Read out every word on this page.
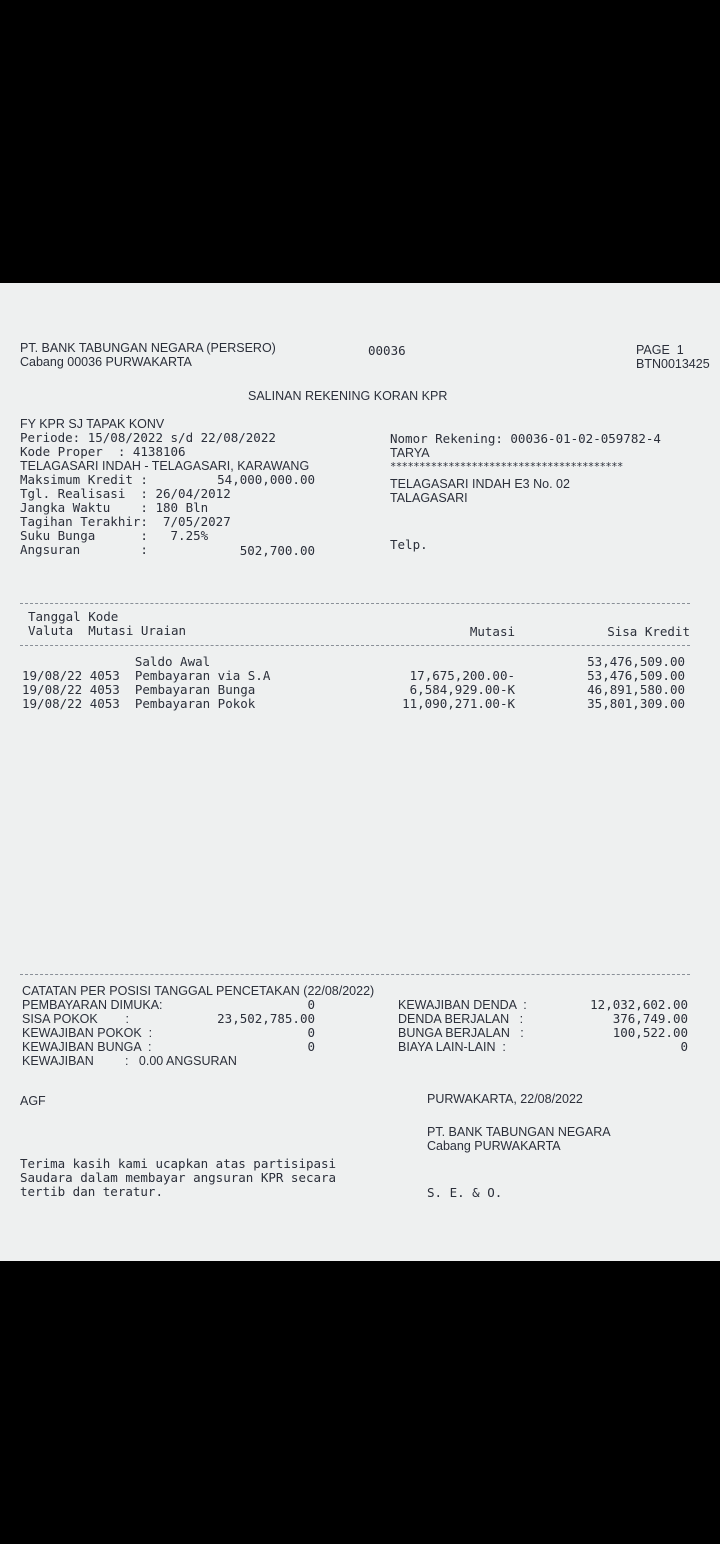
PT. BANK TABUNGAN NEGARA (PERSERO)
Cabang 00036 PURWAKARTA
00036	PAGE  1
BTN0013425
SALINAN REKENING KORAN KPR
FY KPR SJ TAPAK KONV
Periode: 15/08/2022 s/d 22/08/2022
Kode Proper  : 4138106
TELAGASARI INDAH - TELAGASARI, KARAWANG
Maksimum Kredit :	54,000,000.00
Tgl. Realisasi  : 26/04/2012
Jangka Waktu    : 180 Bln
Tagihan Terakhir:  7/05/2027
Suku Bunga      :   7.25%
Angsuran        :	502,700.00
Nomor Rekening: 00036-01-02-059782-4
TARYA
****************************************
TELAGASARI INDAH E3 No. 02
TALAGASARI
Telp.
Tanggal Kode
Valuta  Mutasi Uraian	Mutasi	Sisa Kredit
Saldo Awal	53,476,509.00
19/08/22 4053  Pembayaran via S.A	17,675,200.00-	53,476,509.00
19/08/22 4053  Pembayaran Bunga	6,584,929.00-K	46,891,580.00
19/08/22 4053  Pembayaran Pokok	11,090,271.00-K	35,801,309.00
CATATAN PER POSISI TANGGAL PENCETAKAN (22/08/2022)
PEMBAYARAN DIMUKA:	0
SISA POKOK        :	23,502,785.00
KEWAJIBAN POKOK  :	0
KEWAJIBAN BUNGA  :	0
KEWAJIBAN         :   0.00 ANGSURAN
KEWAJIBAN DENDA  :	12,032,602.00
DENDA BERJALAN   :	376,749.00
BUNGA BERJALAN   :	100,522.00
BIAYA LAIN-LAIN  :	0
AGF	PURWAKARTA, 22/08/2022
PT. BANK TABUNGAN NEGARA
Cabang PURWAKARTA
Terima kasih kami ucapkan atas partisipasi
Saudara dalam membayar angsuran KPR secara
tertib dan teratur.	S. E. & O.
